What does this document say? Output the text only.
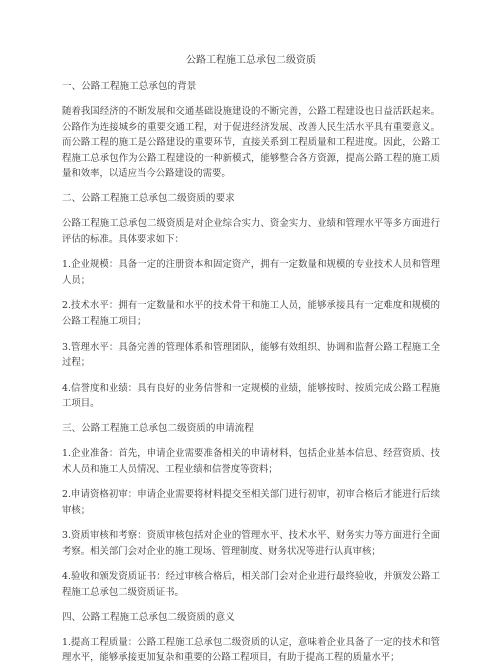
公路工程施工总承包二级资质
一、公路工程施工总承包的背景
随着我国经济的不断发展和交通基础设施建设的不断完善，公路工程建设也日益活跃起来。公路作为连接城乡的重要交通工程，对于促进经济发展、改善人民生活水平具有重要意义。而公路工程的施工是公路建设的重要环节，直接关系到工程质量和工程进度。因此，公路工程施工总承包作为公路工程建设的一种新模式，能够整合各方资源，提高公路工程的施工质量和效率，以适应当今公路建设的需要。
二、公路工程施工总承包二级资质的要求
公路工程施工总承包二级资质是对企业综合实力、资金实力、业绩和管理水平等多方面进行评估的标准。具体要求如下：
1.企业规模：具备一定的注册资本和固定资产，拥有一定数量和规模的专业技术人员和管理人员；
2.技术水平：拥有一定数量和水平的技术骨干和施工人员，能够承接具有一定难度和规模的公路工程施工项目；
3.管理水平：具备完善的管理体系和管理团队，能够有效组织、协调和监督公路工程施工全过程；
4.信誉度和业绩：具有良好的业务信誉和一定规模的业绩，能够按时、按质完成公路工程施工项目。
三、公路工程施工总承包二级资质的申请流程
1.企业准备：首先，申请企业需要准备相关的申请材料，包括企业基本信息、经营资质、技术人员和施工人员情况、工程业绩和信誉度等资料；
2.申请资格初审：申请企业需要将材料提交至相关部门进行初审，初审合格后才能进行后续审核；
3.资质审核和考察：资质审核包括对企业的管理水平、技术水平、财务实力等方面进行全面考察。相关部门会对企业的施工现场、管理制度、财务状况等进行认真审核；
4.验收和颁发资质证书：经过审核合格后，相关部门会对企业进行最终验收，并颁发公路工程施工总承包二级资质证书。
四、公路工程施工总承包二级资质的意义
1.提高工程质量：公路工程施工总承包二级资质的认定，意味着企业具备了一定的技术和管理水平，能够承接更加复杂和重要的公路工程项目，有助于提高工程的质量水平；
